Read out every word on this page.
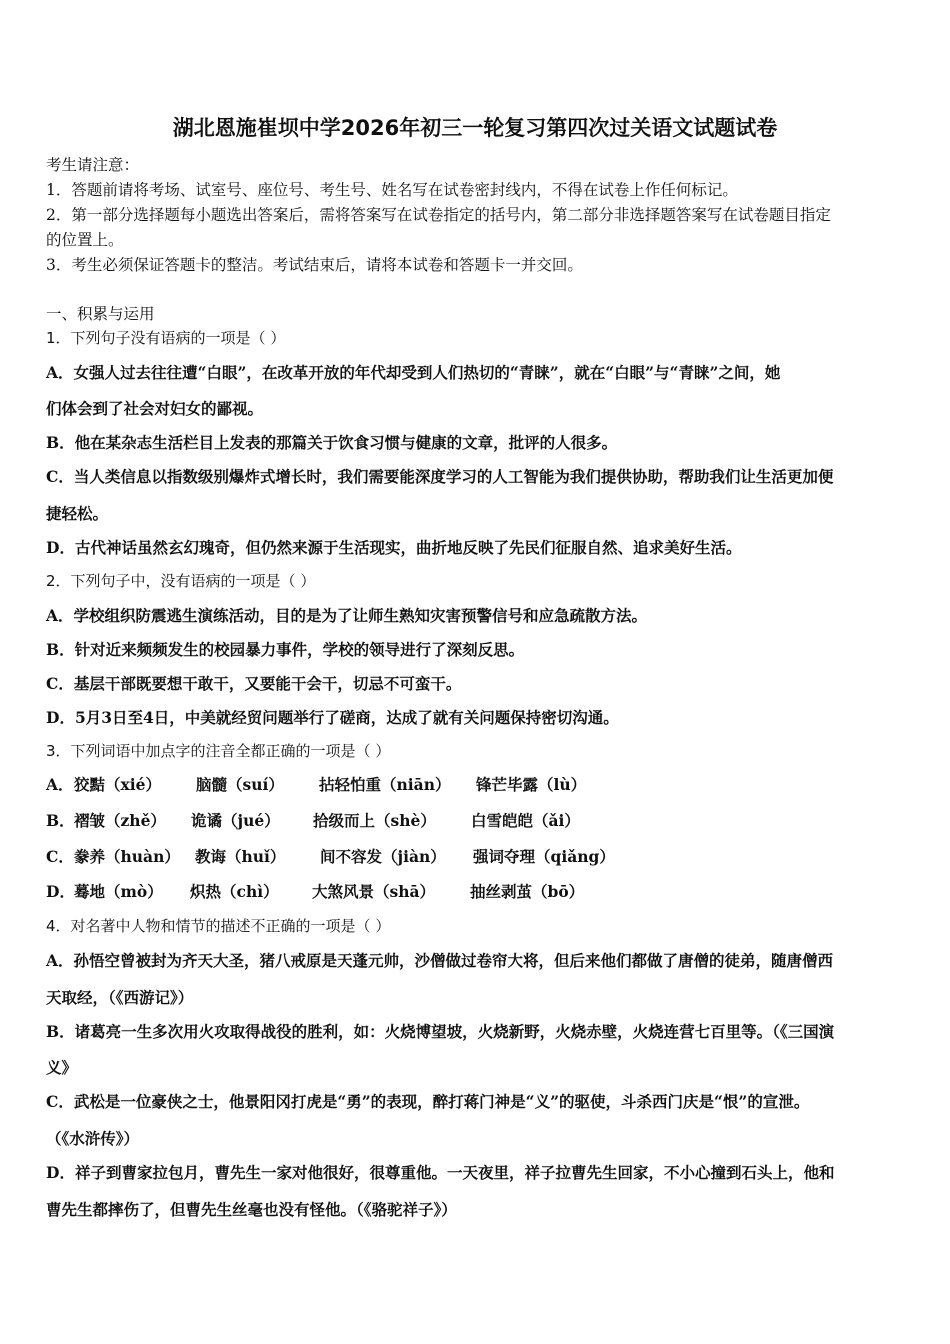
湖北恩施崔坝中学2026年初三一轮复习第四次过关语文试题试卷
考生请注意：
1．答题前请将考场、试室号、座位号、考生号、姓名写在试卷密封线内，不得在试卷上作任何标记。
2．第一部分选择题每小题选出答案后，需将答案写在试卷指定的括号内，第二部分非选择题答案写在试卷题目指定
的位置上。
3．考生必须保证答题卡的整洁。考试结束后，请将本试卷和答题卡一并交回。
一、积累与运用
1．下列句子没有语病的一项是（ ）
A．女强人过去往往遭“白眼”，在改革开放的年代却受到人们热切的“青睐”，就在“白眼”与“青睐”之间，她
们体会到了社会对妇女的鄙视。
B．他在某杂志生活栏目上发表的那篇关于饮食习惯与健康的文章，批评的人很多。
C．当人类信息以指数级别爆炸式增长时，我们需要能深度学习的人工智能为我们提供协助，帮助我们让生活更加便
捷轻松。
D．古代神话虽然玄幻瑰奇，但仍然来源于生活现实，曲折地反映了先民们征服自然、追求美好生活。
2．下列句子中，没有语病的一项是（ ）
A．学校组织防震逃生演练活动，目的是为了让师生熟知灾害预警信号和应急疏散方法。
B．针对近来频频发生的校园暴力事件，学校的领导进行了深刻反思。
C．基层干部既要想干敢干，又要能干会干，切忌不可蛮干。
D．5月3日至4日，中美就经贸问题举行了磋商，达成了就有关问题保持密切沟通。
3．下列词语中加点字的注音全都正确的一项是（ ）
A． 狡黠（xié）	脑髓（suí）	拈轻怕重（niān）	锋芒毕露（lù）
B． 褶皱（zhě）	诡谲（jué）	拾级而上（shè）	白雪皑皑（ǎi）
C． 豢养（huàn） 教诲（huǐ）	间不容发（jiàn）	强词夺理（qiǎng）
D． 蓦地（mò）	炽热（chì）	大煞风景（shā）	抽丝剥茧（bō）
4．对名著中人物和情节的描述不正确的一项是（ ）
A．孙悟空曾被封为齐天大圣，猪八戒原是天蓬元帅，沙僧做过卷帘大将，但后来他们都做了唐僧的徒弟，随唐僧西
天取经，（《西游记》）
B．诸葛亮一生多次用火攻取得战役的胜利，如：火烧博望坡，火烧新野，火烧赤壁，火烧连营七百里等。（《三国演
义》
C．武松是一位豪侠之士，他景阳冈打虎是“勇”的表现，醉打蒋门神是“义”的驱使，斗杀西门庆是“恨”的宣泄。
（《水浒传》）
D．祥子到曹家拉包月，曹先生一家对他很好，很尊重他。一天夜里，祥子拉曹先生回家，不小心撞到石头上，他和
曹先生都摔伤了，但曹先生丝毫也没有怪他。（《骆驼祥子》）
